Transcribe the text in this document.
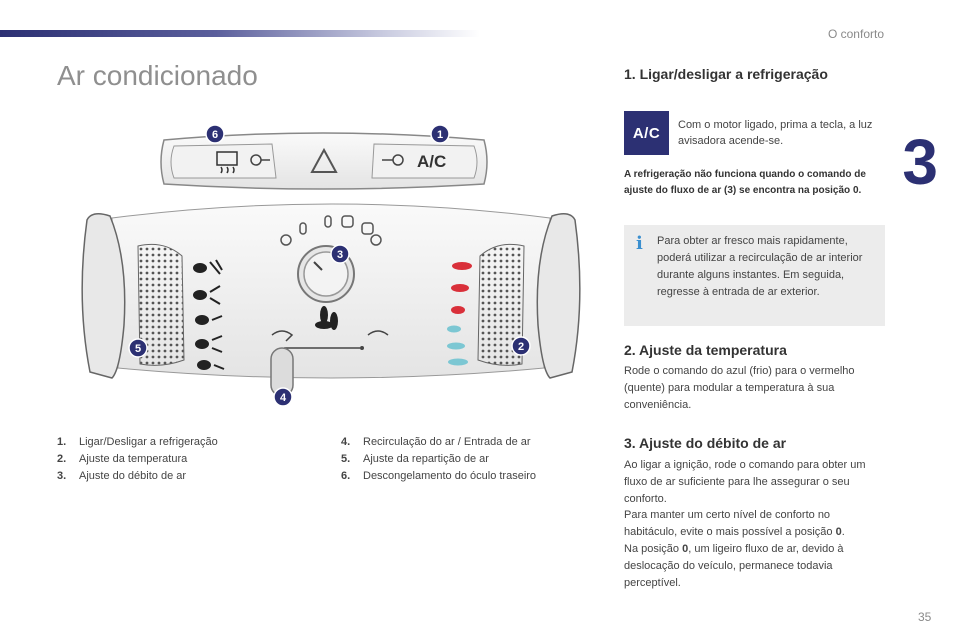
O conforto
3
Ar condicionado
A/C
6	1
3
5	2
4
1.	Ligar/Desligar a refrigeração
2.	Ajuste da temperatura
3.	Ajuste do débito de ar
4.	Recirculação do ar / Entrada de ar
5.	Ajuste da repartição de ar
6.	Descongelamento do óculo traseiro
1. Ligar/desligar a refrigeração
A/C	Com o motor ligado, prima a tecla, a luz avisadora acende-se.
A refrigeração não funciona quando o comando de ajuste do fluxo de ar (3) se encontra na posição 0.
i Para obter ar fresco mais rapidamente, poderá utilizar a recirculação de ar interior durante alguns instantes. Em seguida, regresse à entrada de ar exterior.
2. Ajuste da temperatura
Rode o comando do azul (frio) para o vermelho (quente) para modular a temperatura à sua conveniência.
3. Ajuste do débito de ar

Ao ligar a ignição, rode o comando para obter um fluxo de ar suficiente para lhe assegurar o seu conforto.

Para manter um certo nível de conforto no habitáculo, evite o mais possível a posição 0.

Na posição 0, um ligeiro fluxo de ar, devido à deslocação do veículo, permanece todavia perceptível.

35
